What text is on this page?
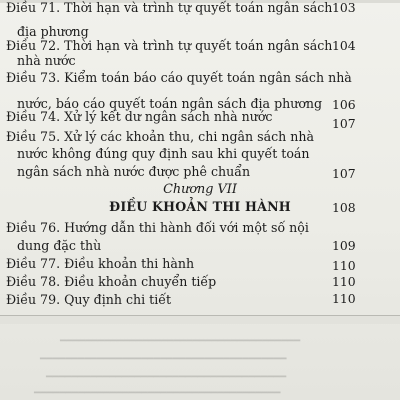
Điều 71. Thời hạn và trình tự quyết toán ngân sách 103
địa phương
Điều 72. Thời hạn và trình tự quyết toán ngân sách 104
nhà nước
Điều 73. Kiểm toán báo cáo quyết toán ngân sách nhà
nước, báo cáo quyết toán ngân sách địa phương 106
Điều 74. Xử lý kết dư ngân sách nhà nước	107
Điều 75. Xử lý các khoản thu, chi ngân sách nhà
nước không đúng quy định sau khi quyết toán
ngân sách nhà nước được phê chuẩn	107
Chương VII
ĐIỀU KHOẢN THI HÀNH	108
Điều 76. Hướng dẫn thi hành đối với một số nội
dung đặc thù	109
Điều 77. Điều khoản thi hành	110
Điều 78. Điều khoản chuyển tiếp	110
Điều 79. Quy định chi tiết	110
━━━━━━━━━━━━━━━━━━━━━━━━━━━━━━━━━━━━━━
━━━━━━━━━━━━━━━━━━━━━━━━━━━━━━━━━━━━━━━
━━━━━━━━━━━━━━━━━━━━━━━━━━━━━━━━━━━━━━
━━━━━━━━━━━━━━━━━━━━━━━━━━━━━━━━━━━━━━━
